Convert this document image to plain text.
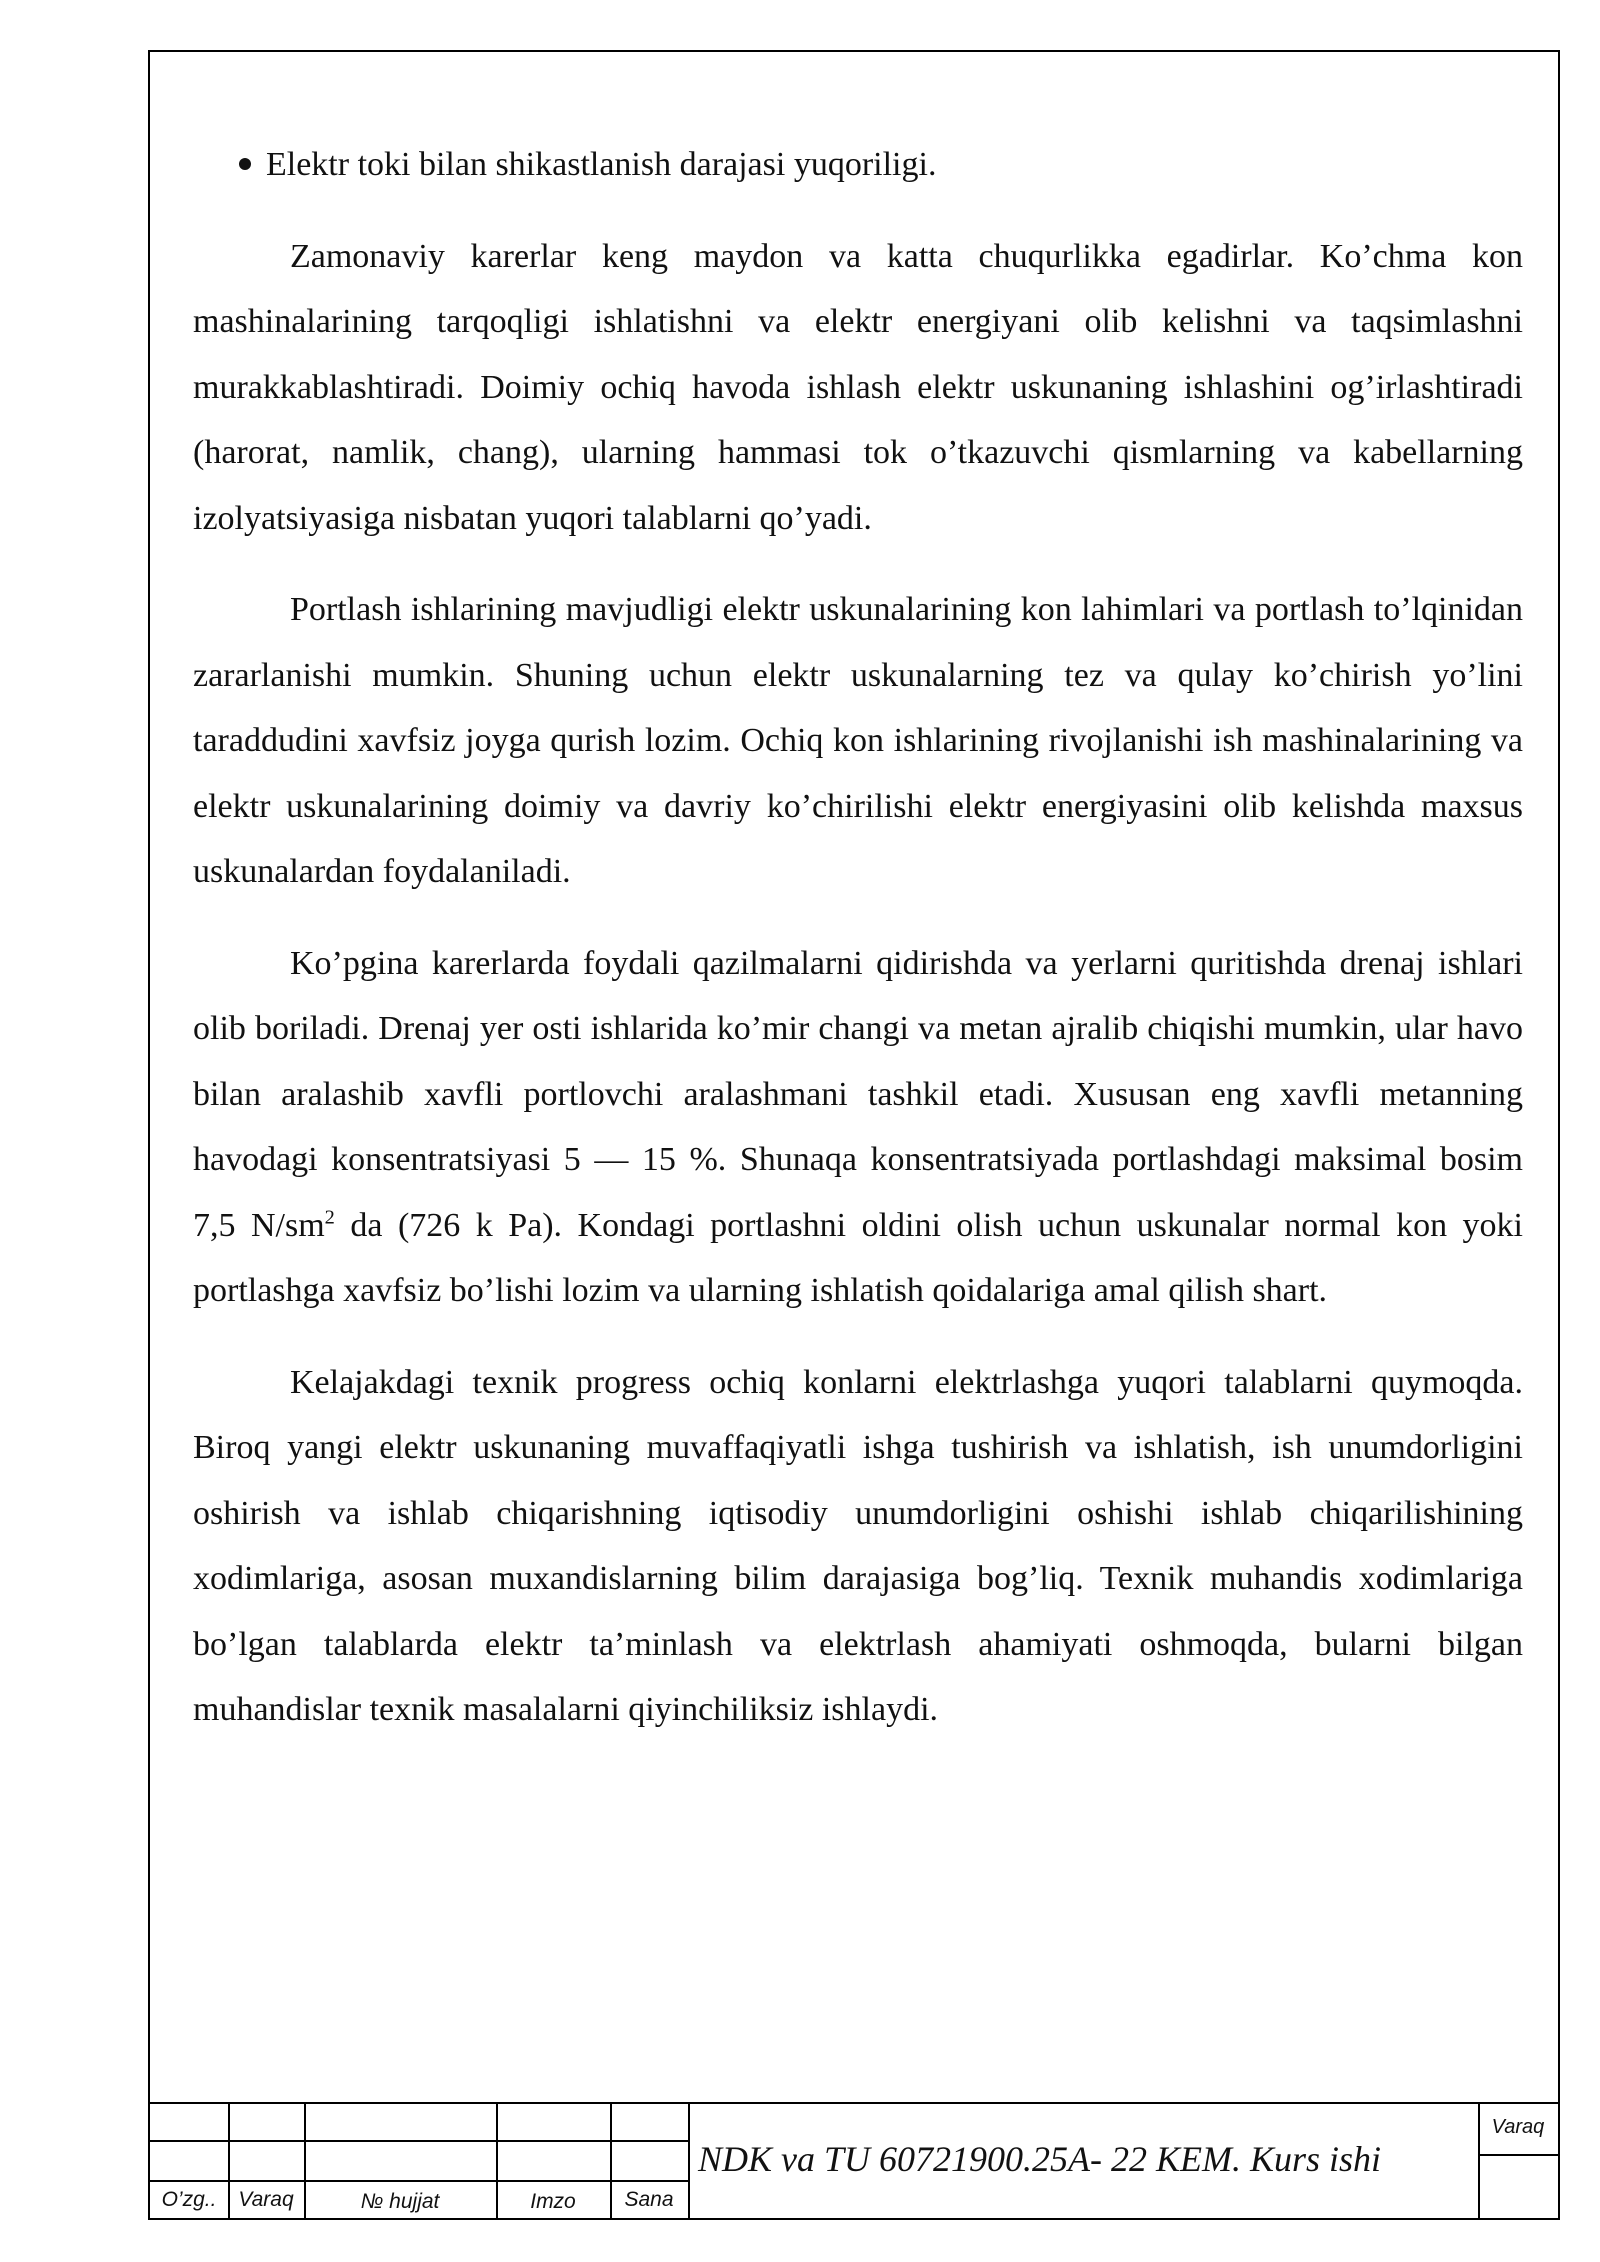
Elektr toki bilan shikastlanish darajasi yuqoriligi.

Zamonaviy karerlar keng maydon va katta chuqurlikka egadirlar. Ko’chma kon mashinalarining tarqoqligi ishlatishni va elektr energiyani olib kelishni va taqsimlashni murakkablashtiradi. Doimiy ochiq havoda ishlash elektr uskunaning ishlashini og’irlashtiradi (harorat, namlik, chang), ularning hammasi tok o’tkazuvchi qismlarning va kabellarning izolyatsiyasiga nisbatan yuqori talablarni qo’yadi.

Portlash ishlarining mavjudligi elektr uskunalarining kon lahimlari va portlash to’lqinidan zararlanishi mumkin. Shuning uchun elektr uskunalarning tez va qulay ko’chirish yo’lini taraddudini xavfsiz joyga qurish lozim. Ochiq kon ishlarining rivojlanishi ish mashinalarining va elektr uskunalarining doimiy va davriy ko’chirilishi elektr energiyasini olib kelishda maxsus uskunalardan foydalaniladi.

Ko’pgina karerlarda foydali qazilmalarni qidirishda va yerlarni quritishda drenaj ishlari olib boriladi. Drenaj yer osti ishlarida ko’mir changi va metan ajralib chiqishi mumkin, ular havo bilan aralashib xavfli portlovchi aralashmani tashkil etadi. Xususan eng xavfli metanning havodagi konsentratsiyasi 5 — 15 %. Shunaqa konsentratsiyada portlashdagi maksimal bosim 7,5 $N/sm^2$ da (726 k Pa). Kondagi portlashni oldini olish uchun uskunalar normal kon yoki portlashga xavfsiz bo’lishi lozim va ularning ishlatish qoidalariga amal qilish shart.

Kelajakdagi texnik progress ochiq konlarni elektrlashga yuqori talablarni quymoqda. Biroq yangi elektr uskunaning muvaffaqiyatli ishga tushirish va ishlatish, ish unumdorligini oshirish va ishlab chiqarishning iqtisodiy unumdorligini oshishi ishlab chiqarilishining xodimlariga, asosan muxandislarning bilim darajasiga bog’liq. Texnik muhandis xodimlariga bo’lgan talablarda elektr ta’minlash va elektrlash ahamiyati oshmoqda, bularni bilgan muhandislar texnik masalalarni qiyinchiliksiz ishlaydi.

O’zg..	Varaq	№ hujjat	Imzo	Sana
NDK va TU 60721900.25A- 22 KEM. Kurs ishi
Varaq
